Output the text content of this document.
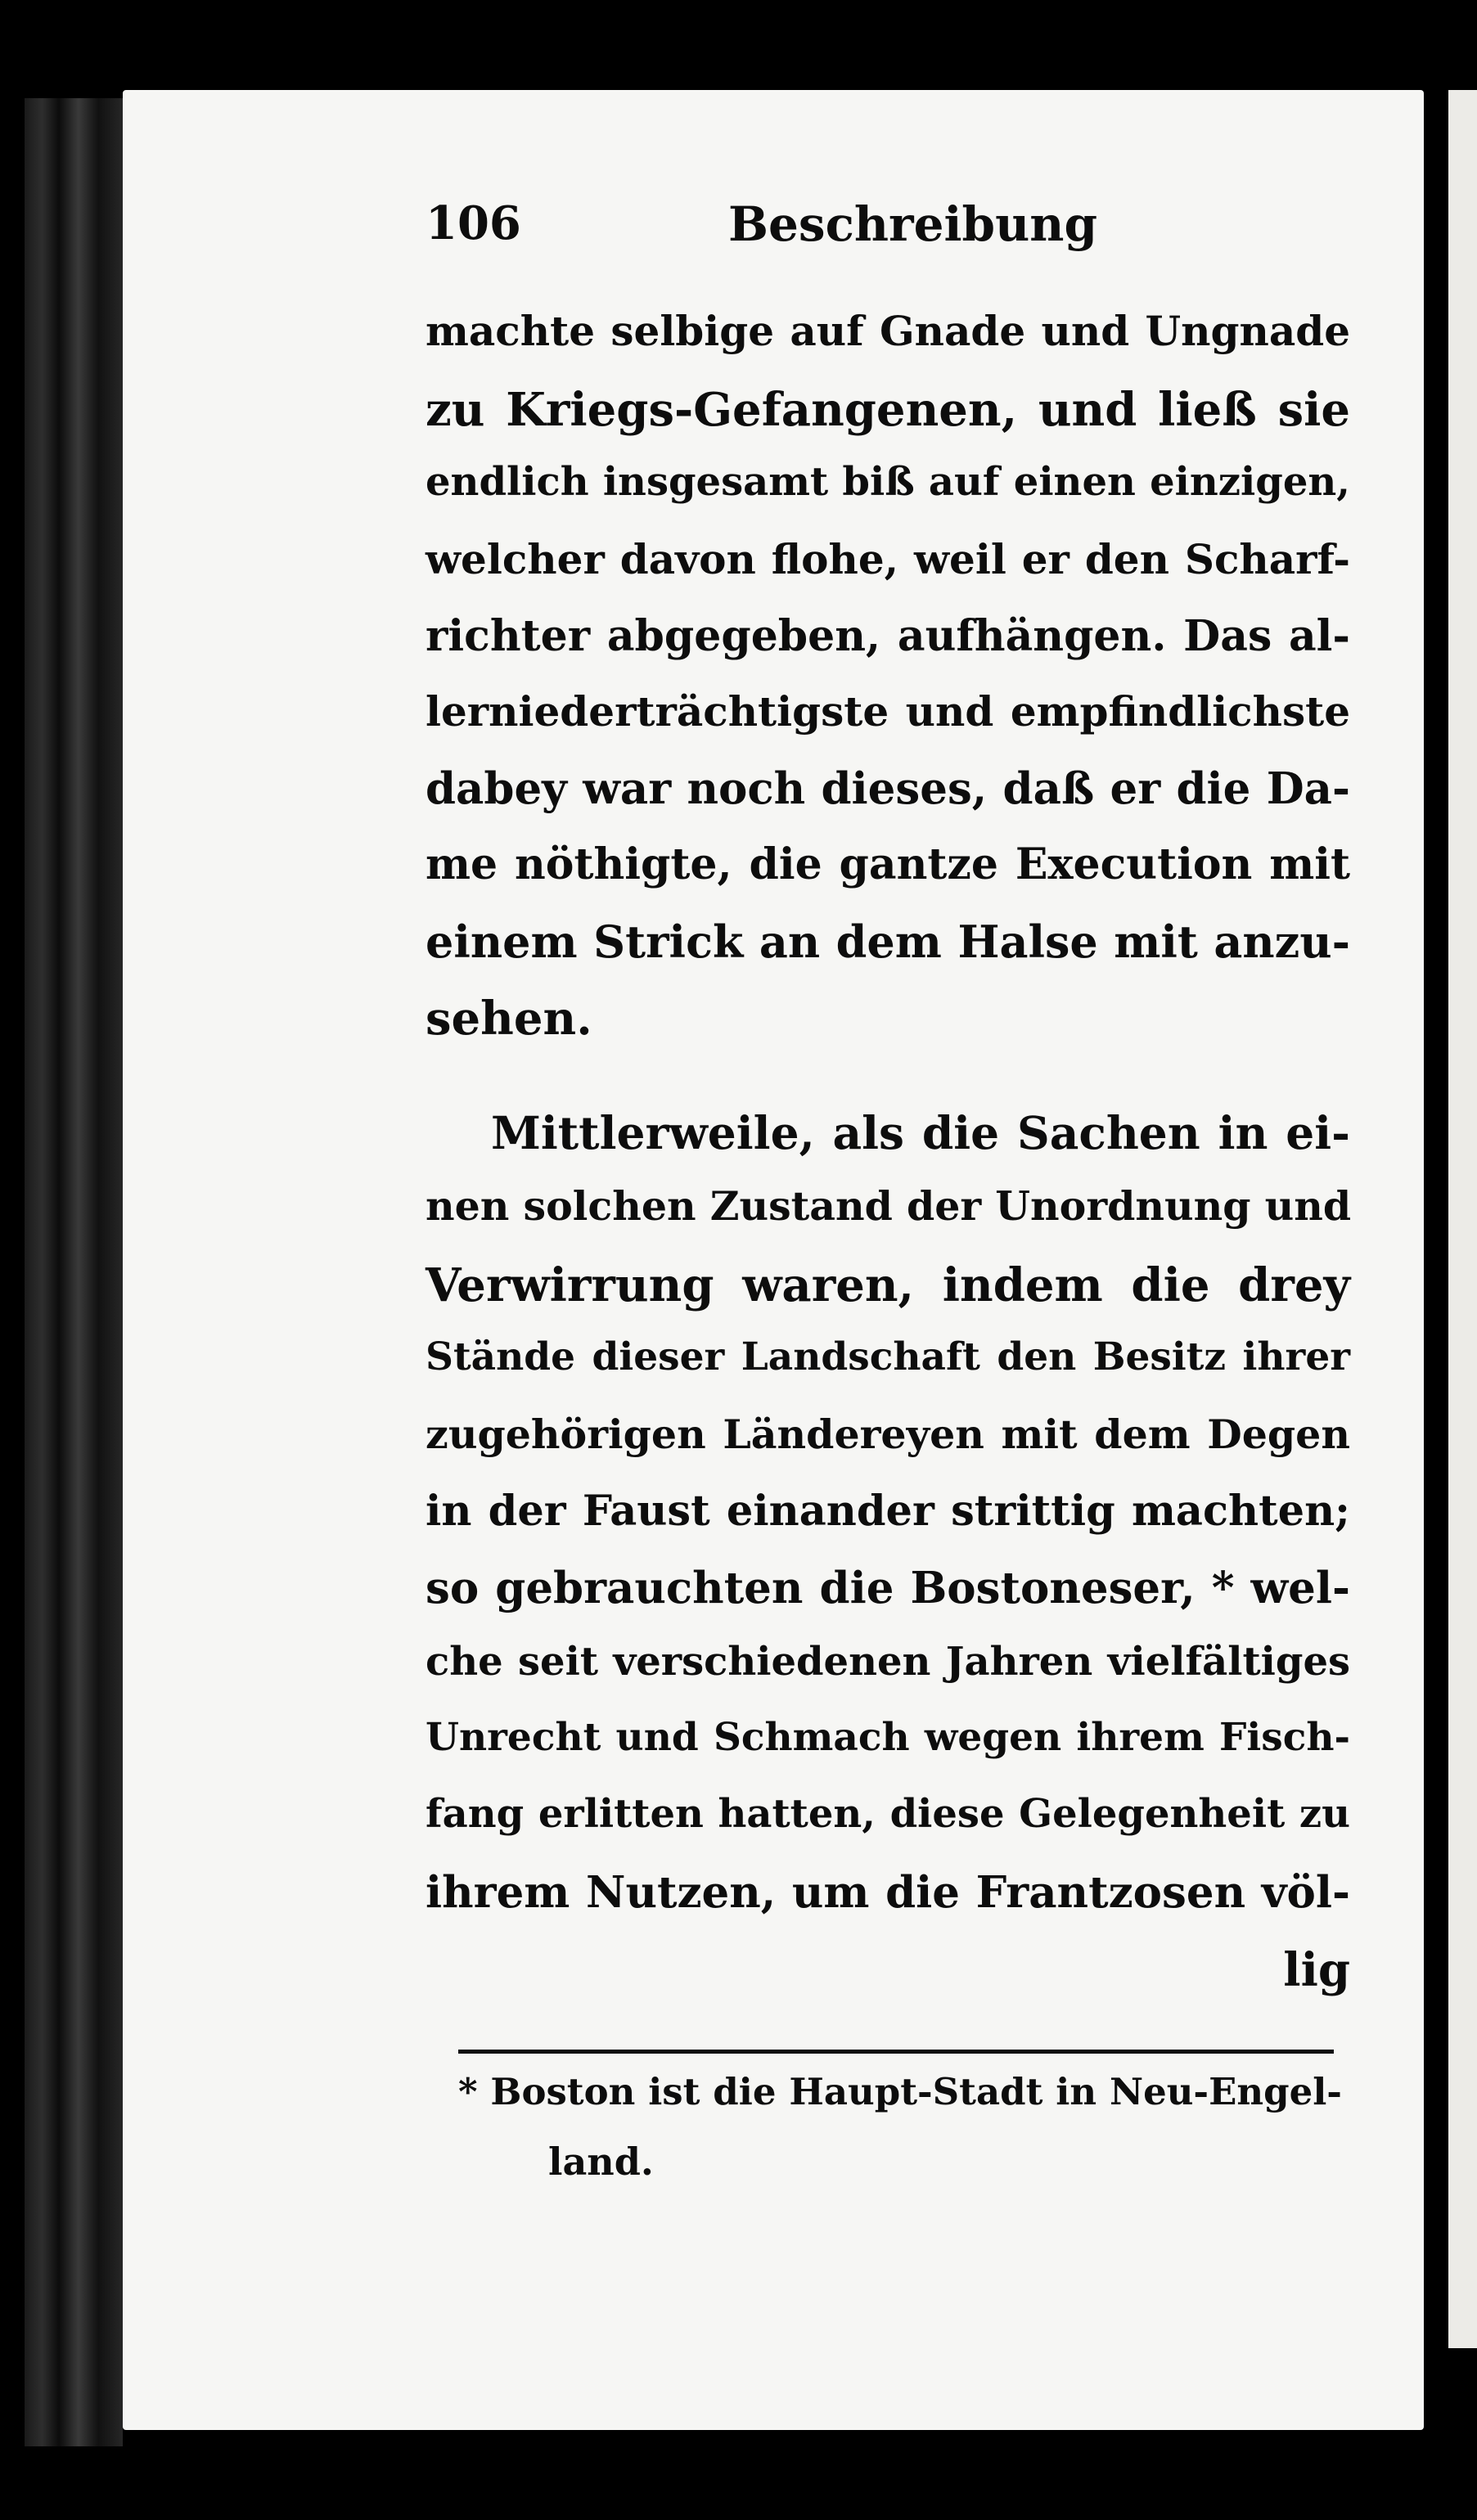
106	Beschreibung
machte selbige auf Gnade und Ungnade
zu Kriegs-Gefangenen, und ließ sie
endlich insgesamt biß auf einen einzigen,
welcher davon flohe, weil er den Scharf-
richter abgegeben, aufhängen. Das al-
lerniederträchtigste und empfindlichste
dabey war noch dieses, daß er die Da-
me nöthigte, die gantze Execution mit
einem Strick an dem Halse mit anzu-
sehen.
Mittlerweile, als die Sachen in ei-
nen solchen Zustand der Unordnung und
Verwirrung waren, indem die drey
Stände dieser Landschaft den Besitz ihrer
zugehörigen Ländereyen mit dem Degen
in der Faust einander strittig machten;
so gebrauchten die Bostoneser, * wel-
che seit verschiedenen Jahren vielfältiges
Unrecht und Schmach wegen ihrem Fisch-
fang erlitten hatten, diese Gelegenheit zu
ihrem Nutzen, um die Frantzosen völ-
lig
* Boston ist die Haupt-Stadt in Neu-Engel-
land.
